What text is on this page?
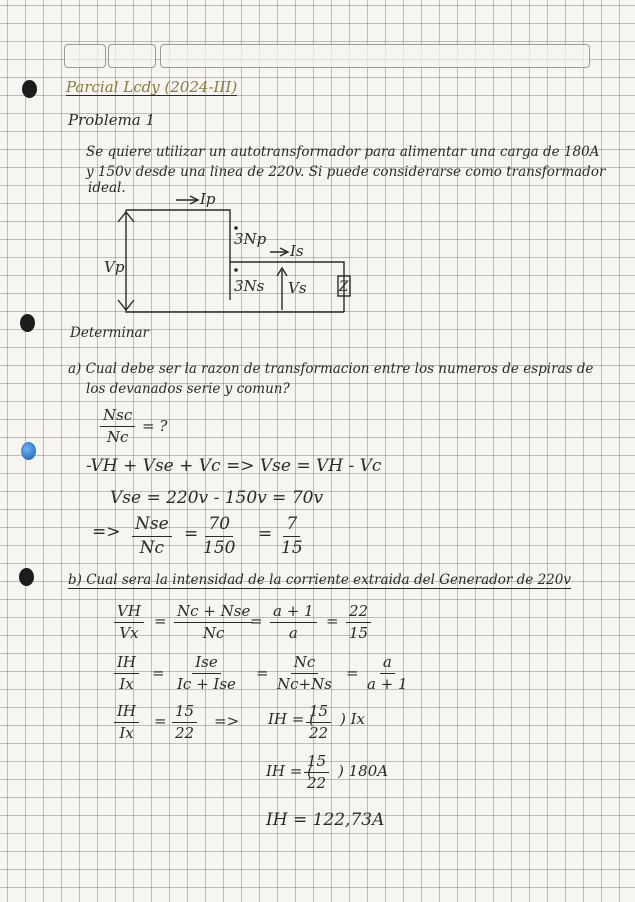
Parcial Lcdy (2024-III)
Problema 1
Se quiere utilizar un autotransformador para alimentar una carga de 180A
y 150v desde una linea de 220v. Si puede considerarse como transformador
ideal.
Ip
3Np
Is
Vp
3Ns Vs Z
Determinar
a) Cual debe ser la razon de transformacion entre los numeros de espiras de
los devanados serie y comun?
Nsc
Nc
= ?
-VH + Vse + Vc => Vse = VH - Vc
Vse = 220v - 150v = 70v
=> Nse
Nc
= $\frac{70}{150} = \frac{7}{15}$
b) Cual sera la intensidad de la corriente extraida del Generador de 220v
$\frac{VH}{Vx}$ =
Nc + Nse
Nc
= $\frac{a + 1}{a} = \frac{22}{15}$
$\frac{IH}{Ix}$ =
Ise
Ic + Ise
= $\frac{Nc}{Nc+Ns} = \frac{a}{a + 1}$
$\frac{IH}{Ix} = \frac{15}{22}$ => IH = (
$\frac{15}{22}$ ) Ix
IH = (
$\frac{15}{22}$ ) 180A
IH = 122,73A
